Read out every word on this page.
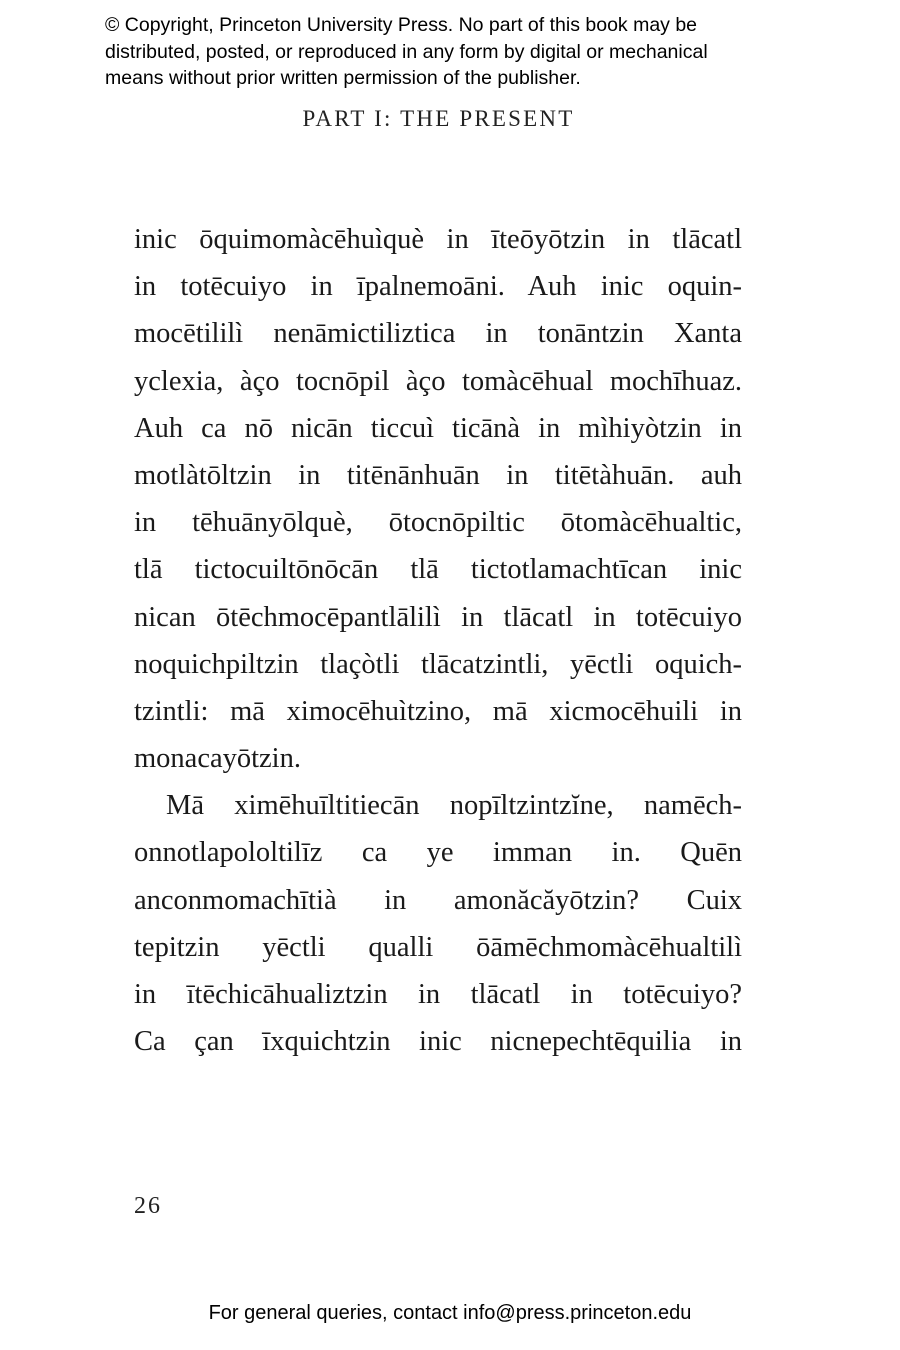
© Copyright, Princeton University Press. No part of this book may be
distributed, posted, or reproduced in any form by digital or mechanical
means without prior written permission of the publisher.
PART I: THE PRESENT
inic ōquimomàcēhuìquè in īteōyōtzin in tlācatl
in totēcuiyo in īpalnemoāni. Auh inic oquin-
mocētililì nenāmictiliztica in tonāntzin Xanta
yclexia, àço tocnōpil àço tomàcēhual mochīhuaz.
Auh ca nō nicān ticcuì ticānà in mìhiyòtzin in
motlàtōltzin in titēnānhuān in titētàhuān. auh
in tēhuānyōlquè, ōtocnōpiltic ōtomàcēhualtic,
tlā tictocuiltōnōcān tlā tictotlamachtīcan inic
nican ōtēchmocēpantlālilì in tlācatl in totēcuiyo
noquichpiltzin tlaçòtli tlācatzintli, yēctli oquich-
tzintli: mā ximocēhuìtzino, mā xicmocēhuili in
monacayōtzin.
Mā ximēhuīltitiecān nopīltzintzĭne, namēch-
onnotlapololtilīz ca ye imman in. Quēn
anconmomachītià in amonăcăyōtzin? Cuix
tepitzin yēctli qualli ōāmēchmomàcēhualtilì
in ītēchicāhualiztzin in tlācatl in totēcuiyo?
Ca çan īxquichtzin inic nicnepechtēquilia in
26
For general queries, contact info@press.princeton.edu
